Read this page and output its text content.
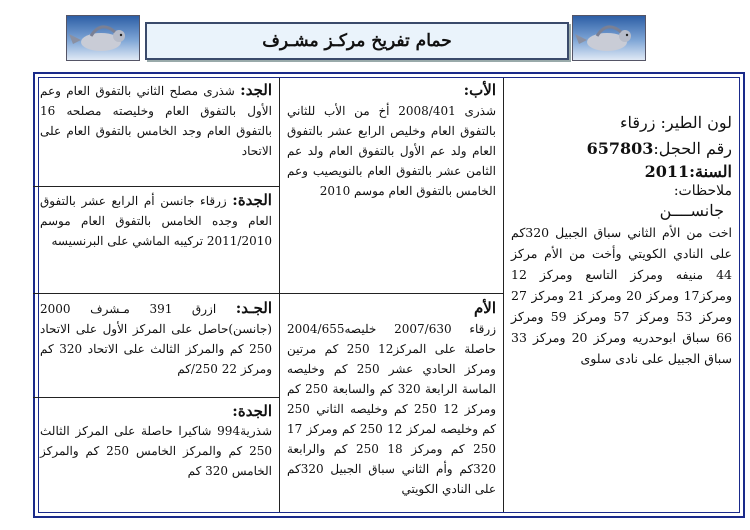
حمام تفريخ مركـز مشـرف
لون الطير: زرقاء
رقم الحجل:657803
السنة:2011
ملاحظات:
جانســــن
اخت من الأم الثاني سباق الجبيل 320كم على النادي الكويتي وأخت من الأم مركز 44 منيفه ومركز التاسع ومركز 12 ومركز17 ومركز 20 ومركز 21 ومركز 27 ومركز 53 ومركز 57 ومركز 59 ومركز 66 سباق ابوحدريه ومركز 20 ومركز 33 سباق الجبيل على نادى سلوى
الأب:
شذرى 2008/401 أخ من الأب للثاني بالتفوق العام وخليص الرابع عشر بالتفوق العام ولد عم الأول بالتفوق العام ولد عم الثامن عشر بالتفوق العام بالنويصيب وعم الخامس بالتفوق العام موسم 2010
الأم
زرقاء 2007/630 خليصه2004/655 حاصلة على المركز12 250 كم مرتين ومركز الحادي عشر 250 كم وخليصه الماسة الرابعة 320 كم والسابعة 250 كم ومركز 12 250 كم وخليصه الثاني 250 كم وخليصه لمركز 12 250 كم ومركز 17 250 كم ومركز 18 250 كم والرابعة 320كم وأم الثاني سباق الجبيل 320كم على النادي الكويتي
الجد: شذرى مصلح الثاني بالتفوق العام وعم الأول بالتفوق العام وخليصته مصلحه 16 بالتفوق العام وجد الخامس بالتفوق العام على الاتحاد
الجدة: زرقاء جانسن أم الرابع عشر بالتفوق العام وجده الخامس بالتفوق العام موسم 2011/2010 تركيبه الماشي على البرنسيسه
الجـد: ازرق 391 مـشرف 2000 (جانسن)حاصل على المركز الأول على الاتحاد 250 كم والمركز الثالث على الاتحاد 320 كم ومركز 22 250/كم
الجدة:
شذرية994 شاكيرا حاصلة على المركز الثالث 250 كم والمركز الخامس 250 كم والمركز الخامس 320 كم
